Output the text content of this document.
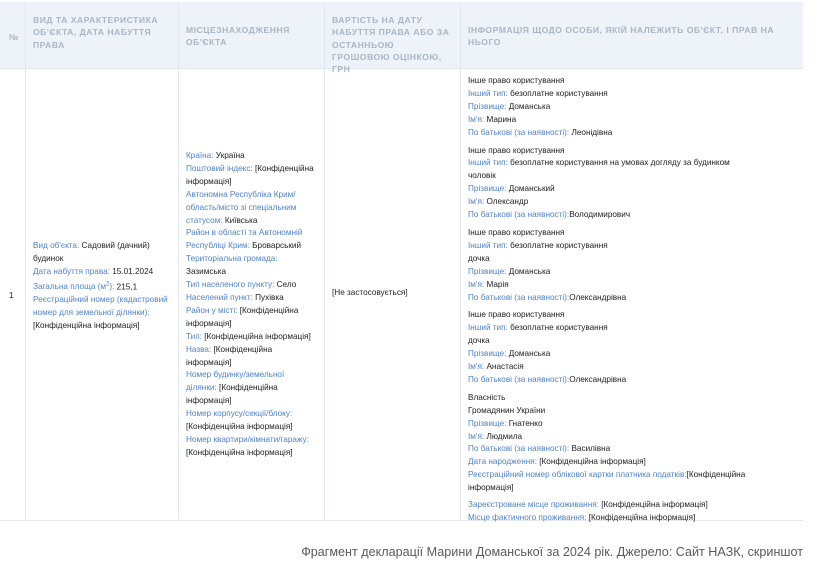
№
ВИД ТА ХАРАКТЕРИСТИКА ОБ'ЄКТА, ДАТА НАБУТТЯ ПРАВА
МІСЦЕЗНАХОДЖЕННЯ ОБ'ЄКТА
ВАРТІСТЬ НА ДАТУ НАБУТТЯ ПРАВА АБО ЗА ОСТАННЬОЮ ГРОШОВОЮ ОЦІНКОЮ, ГРН
ІНФОРМАЦІЯ ЩОДО ОСОБИ, ЯКІЙ НАЛЕЖИТЬ ОБ'ЄКТ, І ПРАВ НА НЬОГО
1
Вид об'єкта: Садовий (дачний) будинок
Дата набуття права: 15.01.2024
Загальна площа $(м^2)$: 215,1
Реєстраційний номер (кадастровий номер для земельної ділянки):
[Конфіденційна інформація]
Країна: Україна
Поштовий індекс: [Конфіденційна інформація]
Автономна Республіка Крим/ область/місто зі спеціальним статусом: Київська
Район в області та Автономній Республіці Крим: Броварський
Територіальна громада: Зазимська
Тип населеного пункту: Село
Населений пункт: Пухівка
Район у місті: [Конфіденційна інформація]
Тип: [Конфіденційна інформація]
Назва: [Конфіденційна інформація]
Номер будинку/земельної ділянки: [Конфіденційна інформація]
Номер корпусу/секції/блоку: [Конфіденційна інформація]
Номер квартири/кімнати/гаражу: [Конфіденційна інформація]
[Не застосовується]
Інше право користування
Інший тип: безоплатне користування
Прізвище: Доманська
Ім'я: Марина
По батькові (за наявності): Леонідівна
Інше право користування
Інший тип: безоплатне користування на умовах догляду за будинком
чоловік
Прізвище: Доманський
Ім'я: Олександр
По батькові (за наявності):Володимирович
Інше право користування
Інший тип: безоплатне користування
дочка
Прізвище: Доманська
Ім'я: Марія
По батькові (за наявності):Олександрівна
Інше право користування
Інший тип: безоплатне користування
дочка
Прізвище: Доманська
Ім'я: Анастасія
По батькові (за наявності):Олександрівна
Власність
Громадянин України
Прізвище: Гнатенко
Ім'я: Людмила
По батькові (за наявності): Василівна
Дата народження: [Конфіденційна інформація]
Реєстраційний номер облікової картки платника податків:[Конфіденційна
інформація]
Зареєстроване місце проживання: [Конфіденційна інформація]
Місце фактичного проживання: [Конфіденційна інформація]
Фрагмент декларації Марини Доманської за 2024 рік. Джерело: Сайт НАЗК, скриншот
